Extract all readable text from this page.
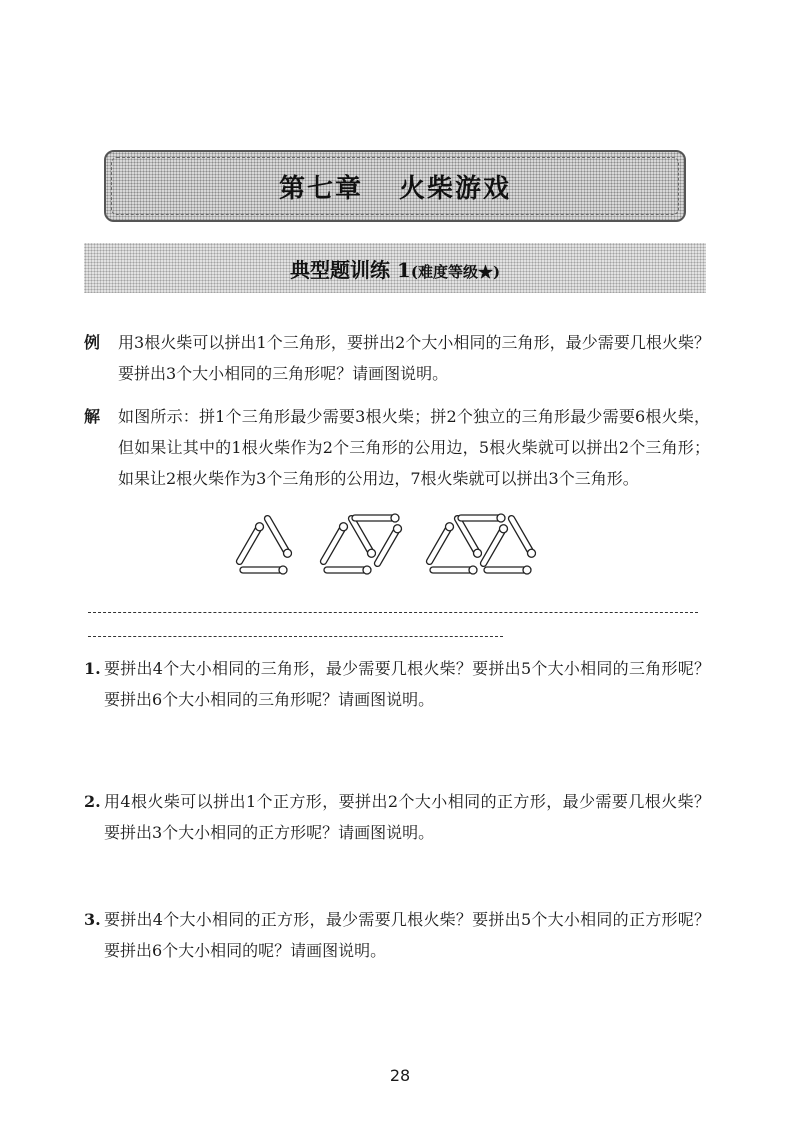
第七章 火柴游戏
典型题训练 1(难度等级★)
例 用3根火柴可以拼出1个三角形，要拼出2个大小相同的三角形，最少需要几根火柴？要拼出3个大小相同的三角形呢？请画图说明。
解 如图所示：拼1个三角形最少需要3根火柴；拼2个独立的三角形最少需要6根火柴，但如果让其中的1根火柴作为2个三角形的公用边，5根火柴就可以拼出2个三角形；如果让2根火柴作为3个三角形的公用边，7根火柴就可以拼出3个三角形。
1. 要拼出4个大小相同的三角形，最少需要几根火柴？要拼出5个大小相同的三角形呢？要拼出6个大小相同的三角形呢？请画图说明。
2. 用4根火柴可以拼出1个正方形，要拼出2个大小相同的正方形，最少需要几根火柴？要拼出3个大小相同的正方形呢？请画图说明。
3. 要拼出4个大小相同的正方形，最少需要几根火柴？要拼出5个大小相同的正方形呢？要拼出6个大小相同的呢？请画图说明。
28
